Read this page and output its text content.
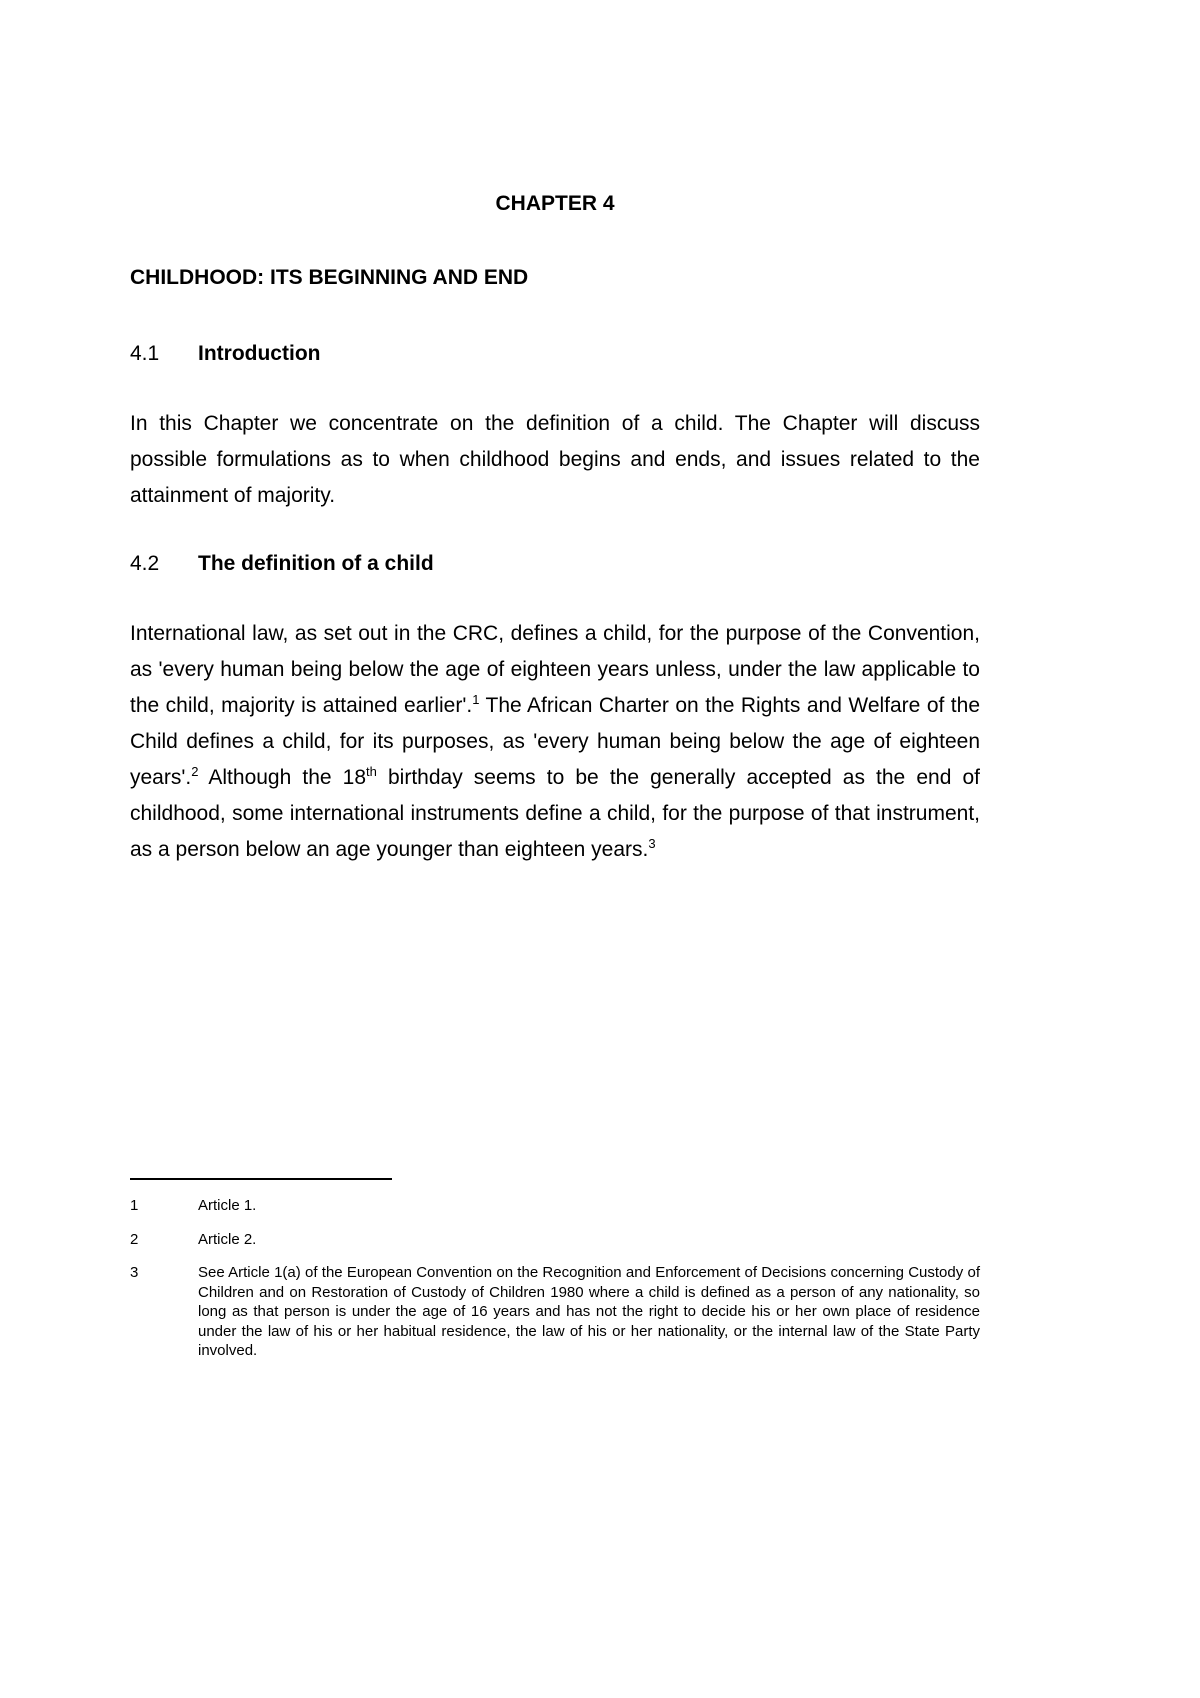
CHAPTER 4
CHILDHOOD: ITS BEGINNING AND END
4.1 Introduction

In this Chapter we concentrate on the definition of a child. The Chapter will discuss possible formulations as to when childhood begins and ends, and issues related to the attainment of majority.

4.2 The definition of a child

International law, as set out in the CRC, defines a child, for the purpose of the Convention, as 'every human being below the age of eighteen years unless, under the law applicable to the child, majority is attained earlier'.$^1$ The African Charter on the Rights and Welfare of the Child defines a child, for its purposes, as 'every human being below the age of eighteen years'.$^2$ Although the 18th birthday seems to be the generally accepted as the end of childhood, some international instruments define a child, for the purpose of that instrument, as a person below an age younger than eighteen years.$^3$

1	Article 1.
2	Article 2.
3	See Article 1(a) of the European Convention on the Recognition and Enforcement of Decisions concerning Custody of Children and on Restoration of Custody of Children 1980 where a child is defined as a person of any nationality, so long as that person is under the age of 16 years and has not the right to decide his or her own place of residence under the law of his or her habitual residence, the law of his or her nationality, or the internal law of the State Party involved.
